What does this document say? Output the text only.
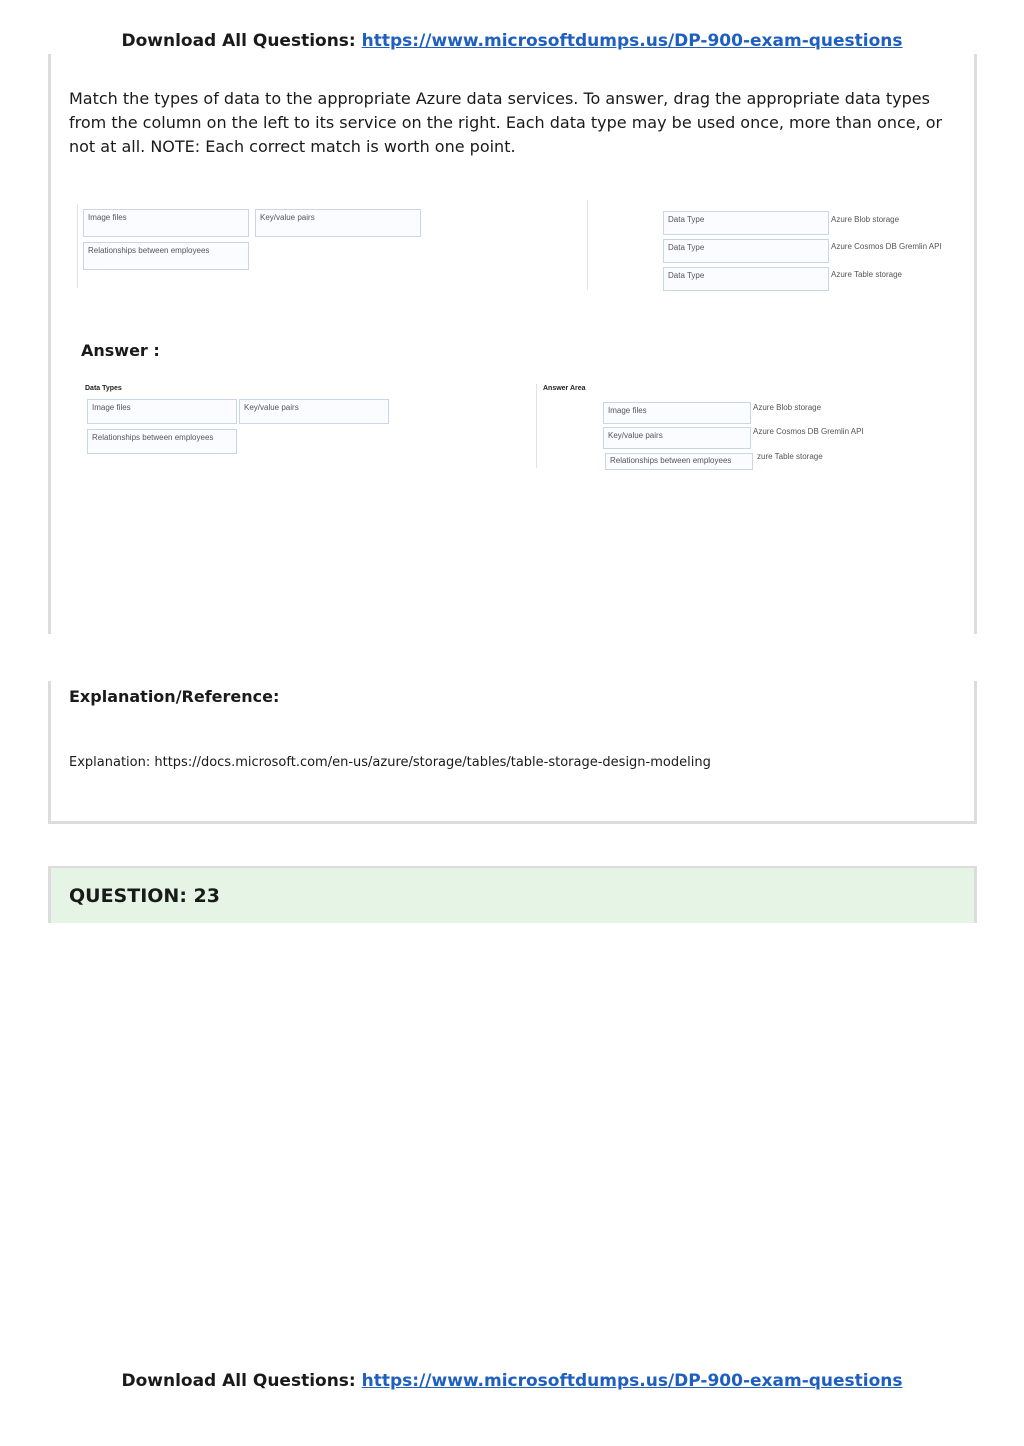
Download All Questions: https://www.microsoftdumps.us/DP-900-exam-questions
Match the types of data to the appropriate Azure data services. To answer, drag the appropriate data types from the column on the left to its service on the right. Each data type may be used once, more than once, or not at all. NOTE: Each correct match is worth one point.
Image files	Key/value pairs
Relationships between employees
Data Type	Azure Blob storage
Data Type	Azure Cosmos DB Gremlin API
Data Type	Azure Table storage
Answer :
Data Types
Image files	Key/value pairs
Relationships between employees
Answer Area
Image files	Azure Blob storage
Key/value pairs	Azure Cosmos DB Gremlin API
Relationships between employees	zure Table storage
Explanation/Reference:
Explanation: https://docs.microsoft.com/en-us/azure/storage/tables/table-storage-design-modeling
QUESTION: 23
Download All Questions: https://www.microsoftdumps.us/DP-900-exam-questions
